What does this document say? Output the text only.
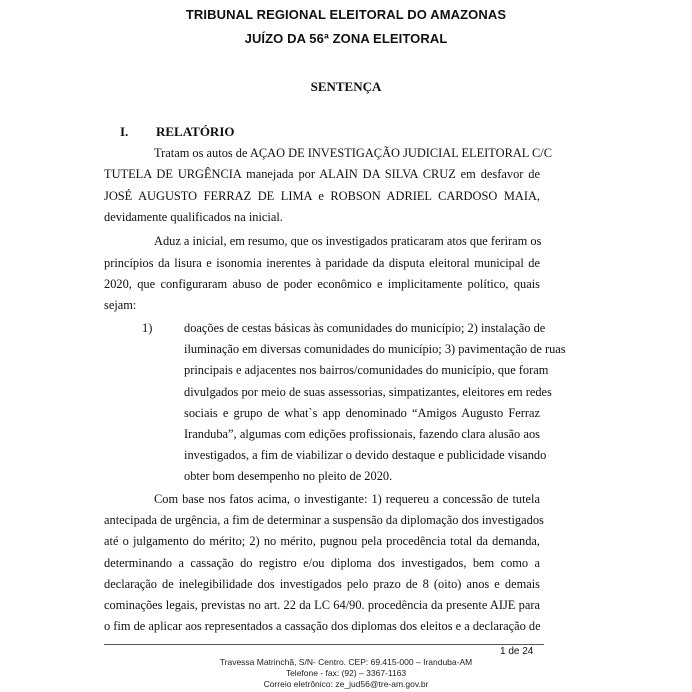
TRIBUNAL REGIONAL ELEITORAL DO AMAZONAS
JUÍZO DA 56ª ZONA ELEITORAL
SENTENÇA
I. RELATÓRIO
Tratam os autos de AÇAO DE INVESTIGAÇÃO JUDICIAL ELEITORAL C/C
TUTELA DE URGÊNCIA manejada por ALAIN DA SILVA CRUZ em desfavor de
JOSÉ AUGUSTO FERRAZ DE LIMA e ROBSON ADRIEL CARDOSO MAIA,
devidamente qualificados na inicial.
Aduz a inicial, em resumo, que os investigados praticaram atos que feriram os
princípios da lisura e isonomia inerentes à paridade da disputa eleitoral municipal de
2020, que configuraram abuso de poder econômico e implicitamente político, quais
sejam:
1)	doações de cestas básicas às comunidades do município; 2) instalação de
iluminação em diversas comunidades do município; 3) pavimentação de ruas
principais e adjacentes nos bairros/comunidades do município, que foram
divulgados por meio de suas assessorias, simpatizantes, eleitores em redes
sociais e grupo de what`s app denominado “Amigos Augusto Ferraz
Iranduba”, algumas com edições profissionais, fazendo clara alusão aos
investigados, a fim de viabilizar o devido destaque e publicidade visando
obter bom desempenho no pleito de 2020.
Com base nos fatos acima, o investigante: 1) requereu a concessão de tutela
antecipada de urgência, a fim de determinar a suspensão da diplomação dos investigados
até o julgamento do mérito; 2) no mérito, pugnou pela procedência total da demanda,
determinando a cassação do registro e/ou diploma dos investigados, bem como a
declaração de inelegibilidade dos investigados pelo prazo de 8 (oito) anos e demais
cominações legais, previstas no art. 22 da LC 64/90. procedência da presente AIJE para
o fim de aplicar aos representados a cassação dos diplomas dos eleitos e a declaração de
1 de 24
Travessa Matrinchã, S/N- Centro. CEP: 69.415-000 – Iranduba-AM
Telefone - fax: (92) – 3367-1163
Correio eletrônico: ze_jud56@tre-am.gov.br
